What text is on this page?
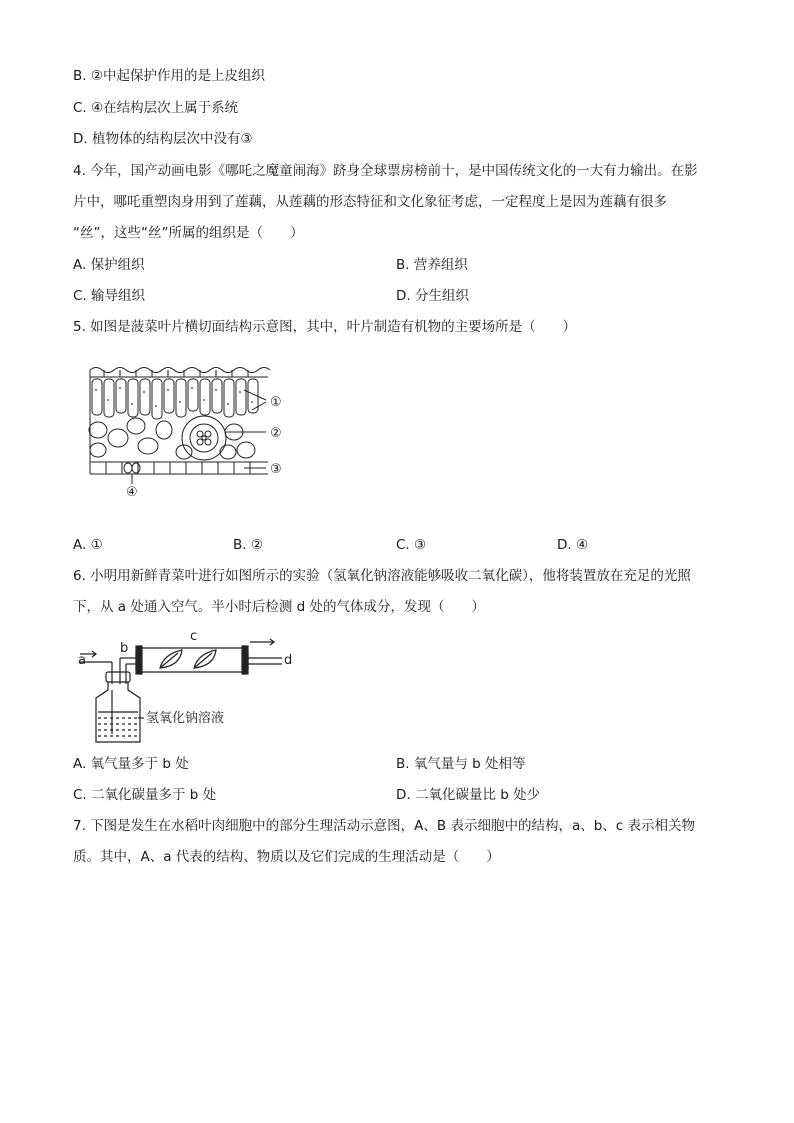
B. ②中起保护作用的是上皮组织
C. ④在结构层次上属于系统
D. 植物体的结构层次中没有③
4. 今年，国产动画电影《哪吒之魔童闹海》跻身全球票房榜前十，是中国传统文化的一大有力输出。在影
片中，哪吒重塑肉身用到了莲藕，从莲藕的形态特征和文化象征考虑，一定程度上是因为莲藕有很多
“丝”，这些“丝”所属的组织是（　　）
A. 保护组织	B. 营养组织
C. 输导组织	D. 分生组织
5. 如图是菠菜叶片横切面结构示意图，其中，叶片制造有机物的主要场所是（　　）
①
②
③
④
A. ①	B. ②	C. ③	D. ④
6. 小明用新鲜青菜叶进行如图所示的实验（氢氧化钠溶液能够吸收二氧化碳），他将装置放在充足的光照
下，从 a 处通入空气。半小时后检测 d 处的气体成分，发现（　　）
a
b
c
d
氢氧化钠溶液
A. 氧气量多于 b 处	B. 氧气量与 b 处相等
C. 二氧化碳量多于 b 处	D. 二氧化碳量比 b 处少
7. 下图是发生在水稻叶肉细胞中的部分生理活动示意图，A、B 表示细胞中的结构，a、b、c 表示相关物
质。其中，A、a 代表的结构、物质以及它们完成的生理活动是（　　）
